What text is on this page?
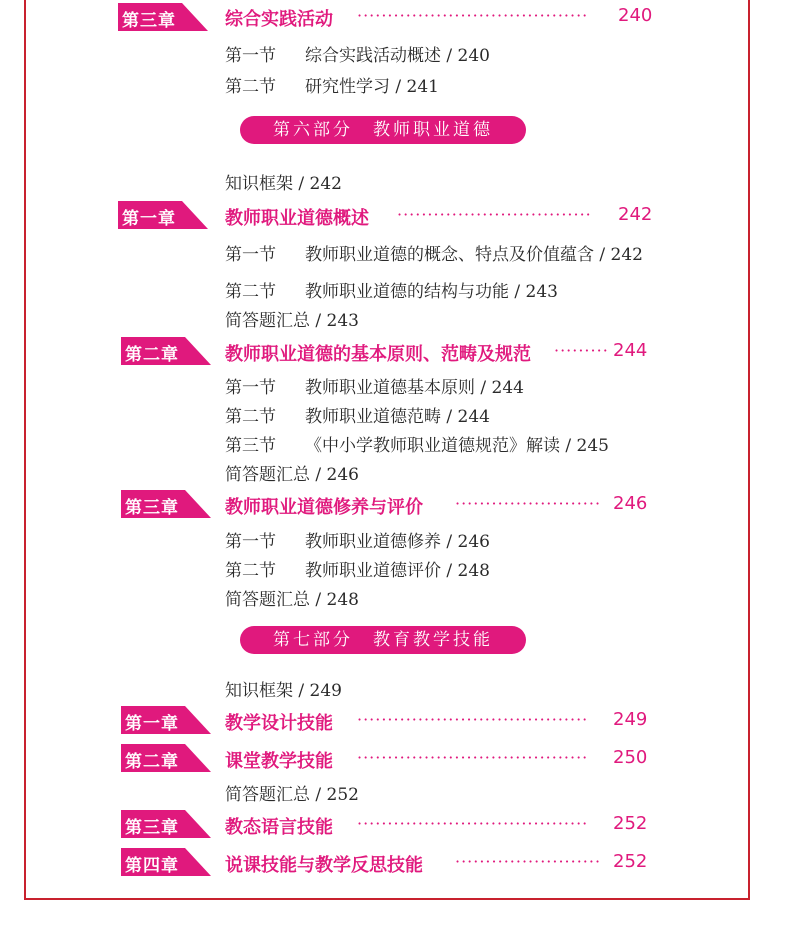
第三章	综合实践活动 ······································	240
第一节 综合实践活动概述 / 240
第二节 研究性学习 / 241
第六部分　教师职业道德
知识框架 / 242
第一章	教师职业道德概述 ································	242
第一节 教师职业道德的概念、特点及价值蕴含 / 242
第二节 教师职业道德的结构与功能 / 243
简答题汇总 / 243
第二章	教师职业道德的基本原则、范畴及规范 ········· 244
第一节 教师职业道德基本原则 / 244
第二节 教师职业道德范畴 / 244
第三节 《中小学教师职业道德规范》解读 / 245
简答题汇总 / 246
第三章	教师职业道德修养与评价 ························ 246
第一节 教师职业道德修养 / 246
第二节 教师职业道德评价 / 248
简答题汇总 / 248
第七部分　教育教学技能
知识框架 / 249
第一章	教学设计技能 ······································	249
第二章	课堂教学技能 ······································	250
简答题汇总 / 252
第三章	教态语言技能 ······································	252
第四章	说课技能与教学反思技能 ························ 252
